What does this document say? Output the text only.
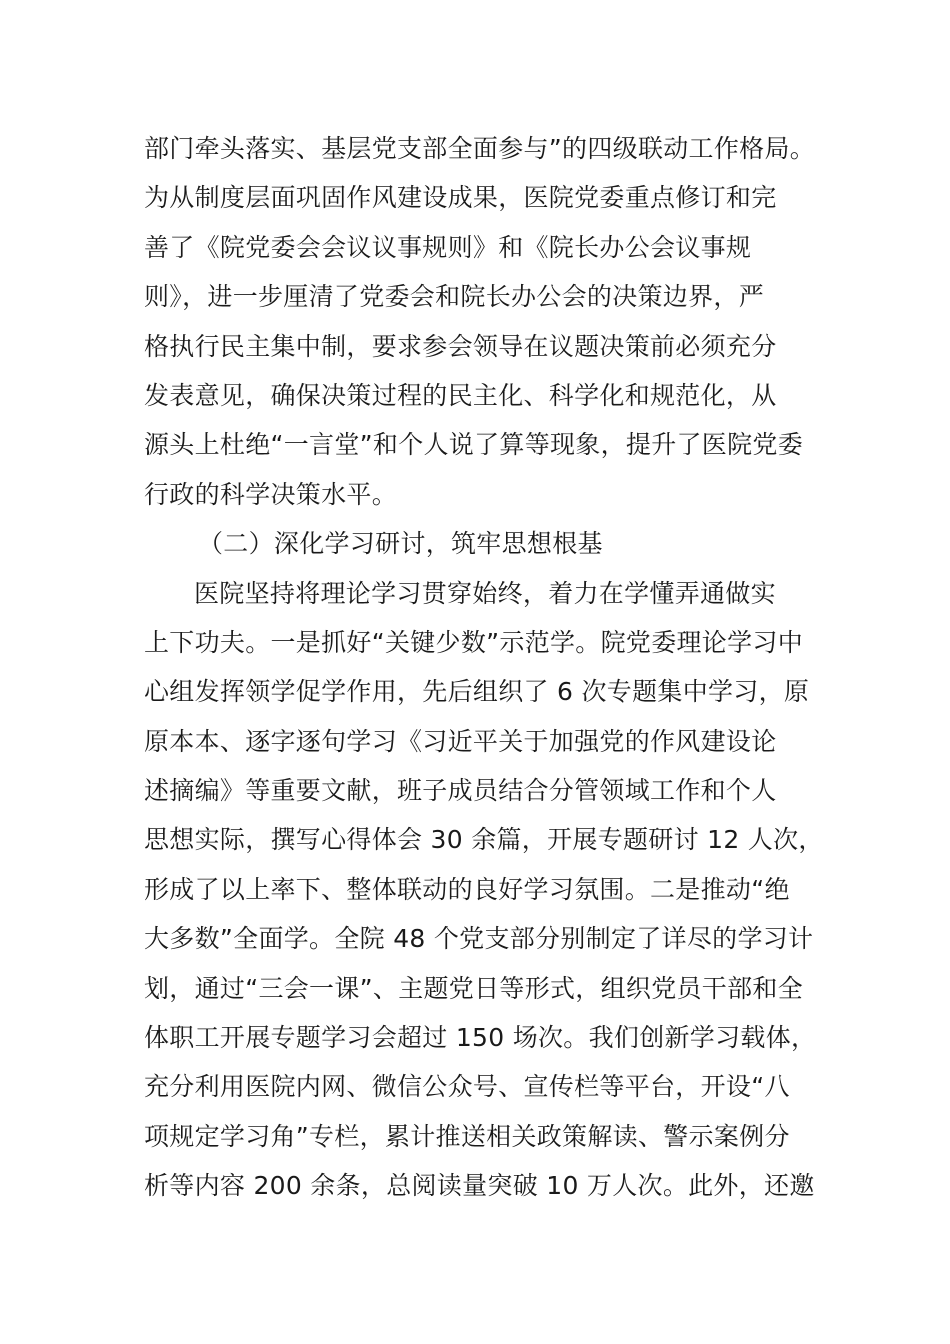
部门牵头落实、基层党支部全面参与”的四级联动工作格局。
为从制度层面巩固作风建设成果，医院党委重点修订和完
善了《院党委会会议议事规则》和《院长办公会议事规
则》，进一步厘清了党委会和院长办公会的决策边界，严
格执行民主集中制，要求参会领导在议题决策前必须充分
发表意见，确保决策过程的民主化、科学化和规范化，从
源头上杜绝“一言堂”和个人说了算等现象，提升了医院党委
行政的科学决策水平。
（二）深化学习研讨，筑牢思想根基
医院坚持将理论学习贯穿始终，着力在学懂弄通做实
上下功夫。一是抓好“关键少数”示范学。院党委理论学习中
心组发挥领学促学作用，先后组织了 6 次专题集中学习，原
原本本、逐字逐句学习《习近平关于加强党的作风建设论
述摘编》等重要文献，班子成员结合分管领域工作和个人
思想实际，撰写心得体会 30 余篇，开展专题研讨 12 人次，
形成了以上率下、整体联动的良好学习氛围。二是推动“绝
大多数”全面学。全院 48 个党支部分别制定了详尽的学习计
划，通过“三会一课”、主题党日等形式，组织党员干部和全
体职工开展专题学习会超过 150 场次。我们创新学习载体，
充分利用医院内网、微信公众号、宣传栏等平台，开设“八
项规定学习角”专栏，累计推送相关政策解读、警示案例分
析等内容 200 余条，总阅读量突破 10 万人次。此外，还邀
